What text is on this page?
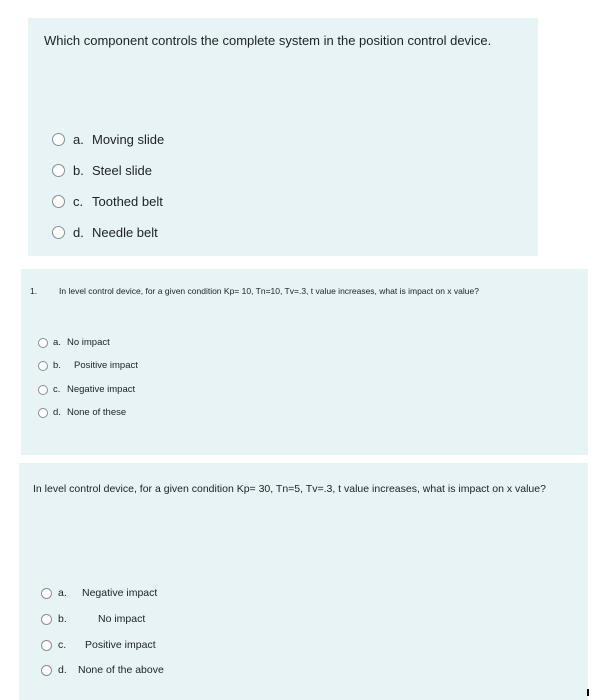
Which component controls the complete system in the position control device.

a. Moving slide
b. Steel slide
c. Toothed belt
d. Needle belt
1.	In level control device, for a given condition Kp= 10, Tn=10, Tv=.3, t value increases, what is impact on x value?

a. No impact
b.	Positive impact
c. Negative impact
d. None of these

In level control device, for a given condition Kp= 30, Tn=5, Tv=.3, t value increases, what is impact on x value?

a.	Negative impact
b.	No impact
c.	Positive impact
d.	None of the above
